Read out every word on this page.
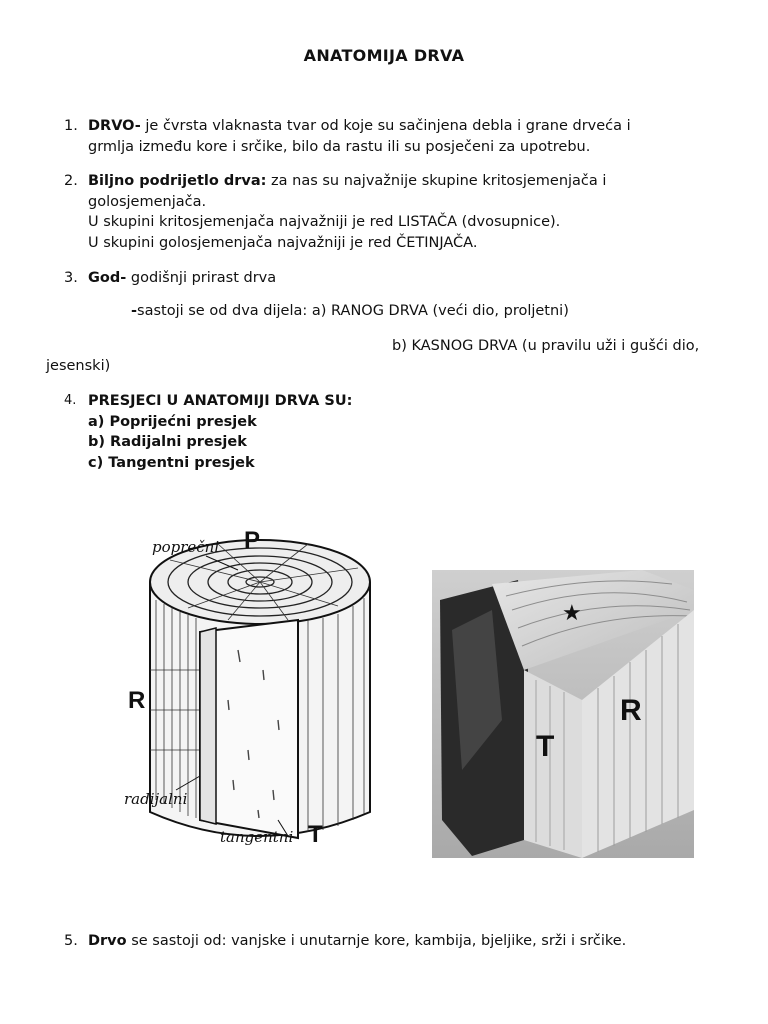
ANATOMIJA DRVA
1. DRVO- je čvrsta vlaknasta tvar od koje su sačinjena debla i grane drveća i
grmlja između kore i srčike, bilo da rastu ili su posječeni za upotrebu.
2. Biljno podrijetlo drva: za nas su najvažnije skupine kritosjemenjača i
golosjemenjača.
U skupini kritosjemenjača najvažniji je red LISTAČA (dvosupnice).
U skupini golosjemenjača najvažniji je red ČETINJAČA.
3. God- godišnji prirast drva
-sastoji se od dva dijela: a) RANOG DRVA (veći dio, proljetni)
b) KASNOG DRVA (u pravilu uži i gušći dio,
jesenski)
4. PRESJECI U ANATOMIJI DRVA SU:
a) Poprijećni presjek
b) Radijalni presjek
c) Tangentni presjek
poprečni P
R
radijalni
tangentni T
★
T
R
5. Drvo se sastoji od: vanjske i unutarnje kore, kambija, bjeljike, srži i srčike.
